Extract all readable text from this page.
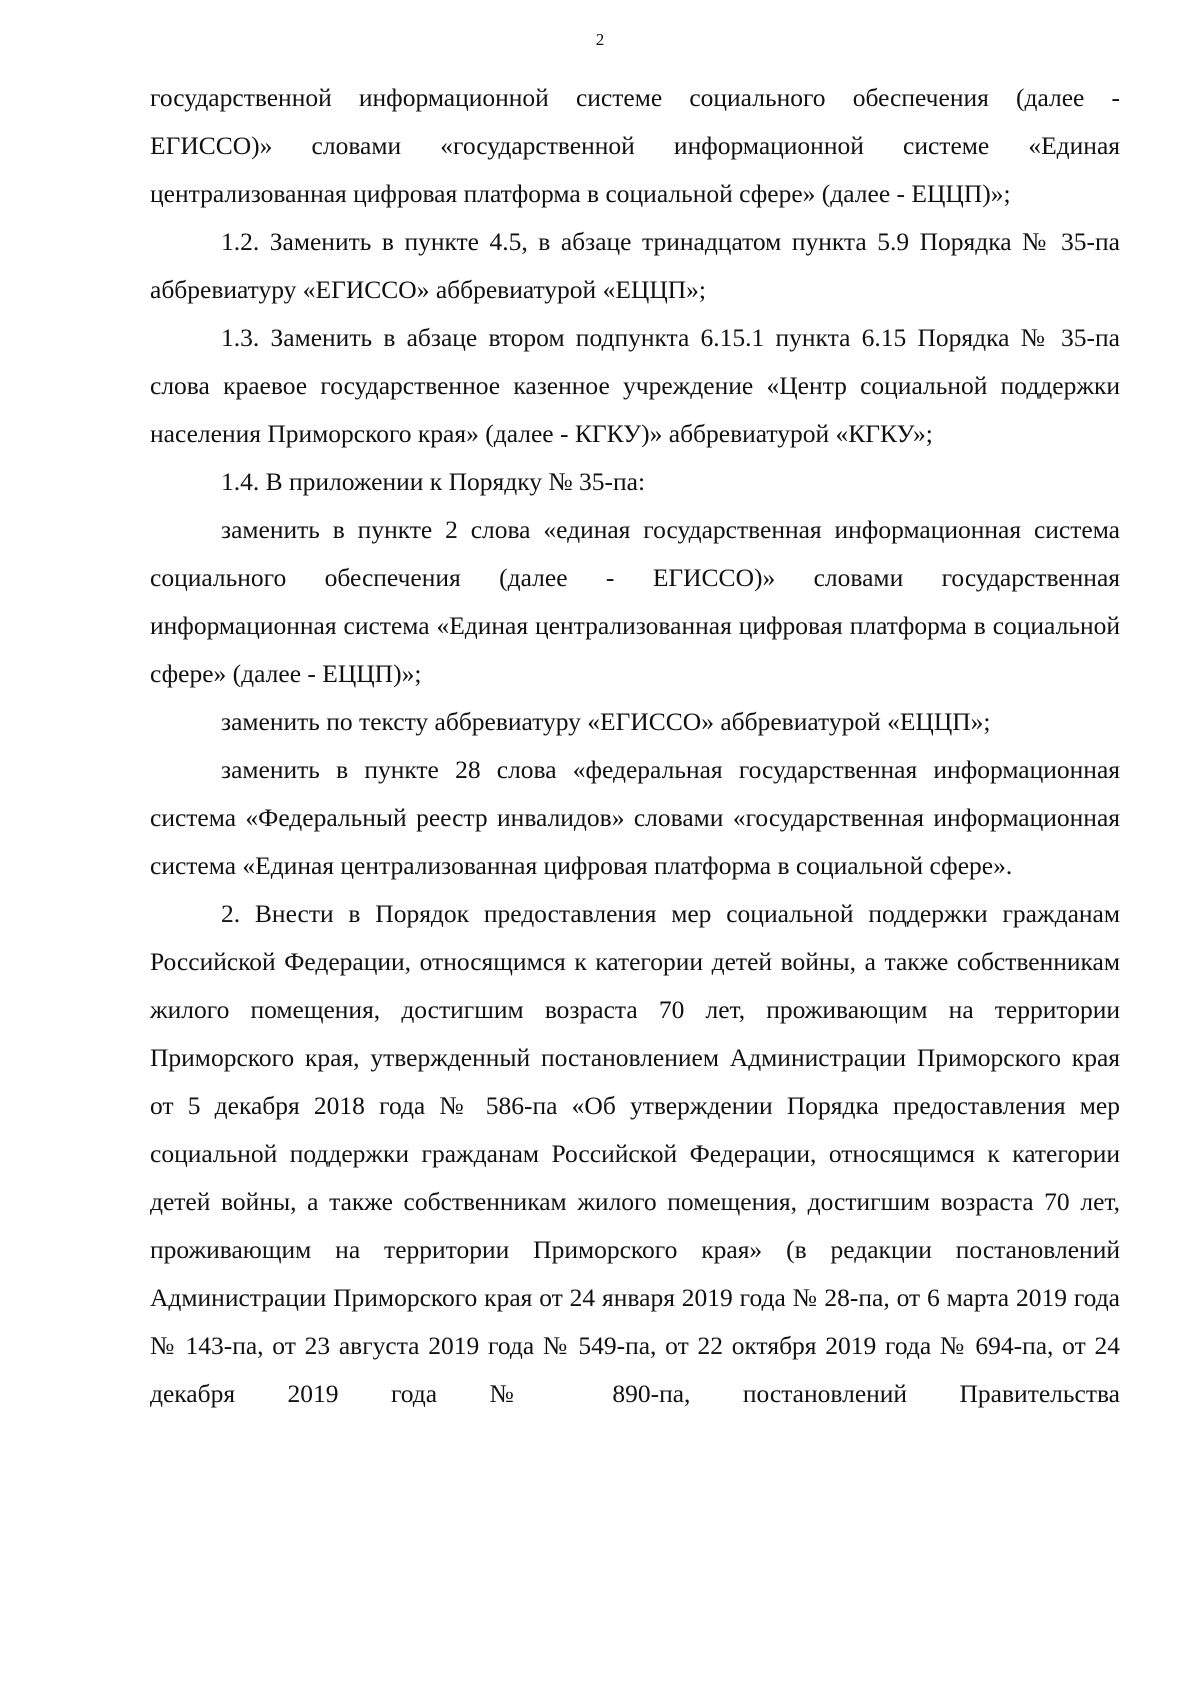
2

государственной информационной системе социального обеспечения (далее - ЕГИССО)» словами «государственной информационной системе «Единая централизованная цифровая платформа в социальной сфере» (далее - ЕЦЦП)»;

1.2. Заменить в пункте 4.5, в абзаце тринадцатом пункта 5.9 Порядка № 35-па аббревиатуру «ЕГИССО» аббревиатурой «ЕЦЦП»;

1.3. Заменить в абзаце втором подпункта 6.15.1 пункта 6.15 Порядка № 35-па слова краевое государственное казенное учреждение «Центр социальной поддержки населения Приморского края» (далее - КГКУ)» аббревиатурой «КГКУ»;

1.4. В приложении к Порядку № 35-па:

заменить в пункте 2 слова «единая государственная информационная система социального обеспечения (далее - ЕГИССО)» словами государственная информационная система «Единая централизованная цифровая платформа в социальной сфере» (далее - ЕЦЦП)»;

заменить по тексту аббревиатуру «ЕГИССО» аббревиатурой «ЕЦЦП»;

заменить в пункте 28 слова «федеральная государственная информационная система «Федеральный реестр инвалидов» словами «государственная информационная система «Единая централизованная цифровая платформа в социальной сфере».

2. Внести в Порядок предоставления мер социальной поддержки гражданам Российской Федерации, относящимся к категории детей войны, а также собственникам жилого помещения, достигшим возраста 70 лет, проживающим на территории Приморского края, утвержденный постановлением Администрации Приморского края от 5 декабря 2018 года № 586-па «Об утверждении Порядка предоставления мер социальной поддержки гражданам Российской Федерации, относящимся к категории детей войны, а также собственникам жилого помещения, достигшим возраста 70 лет, проживающим на территории Приморского края» (в редакции постановлений Администрации Приморского края от 24 января 2019 года № 28-па, от 6 марта 2019 года № 143-па, от 23 августа 2019 года № 549-па, от 22 октября 2019 года № 694-па, от 24 декабря 2019 года № 890-па, постановлений Правительства
